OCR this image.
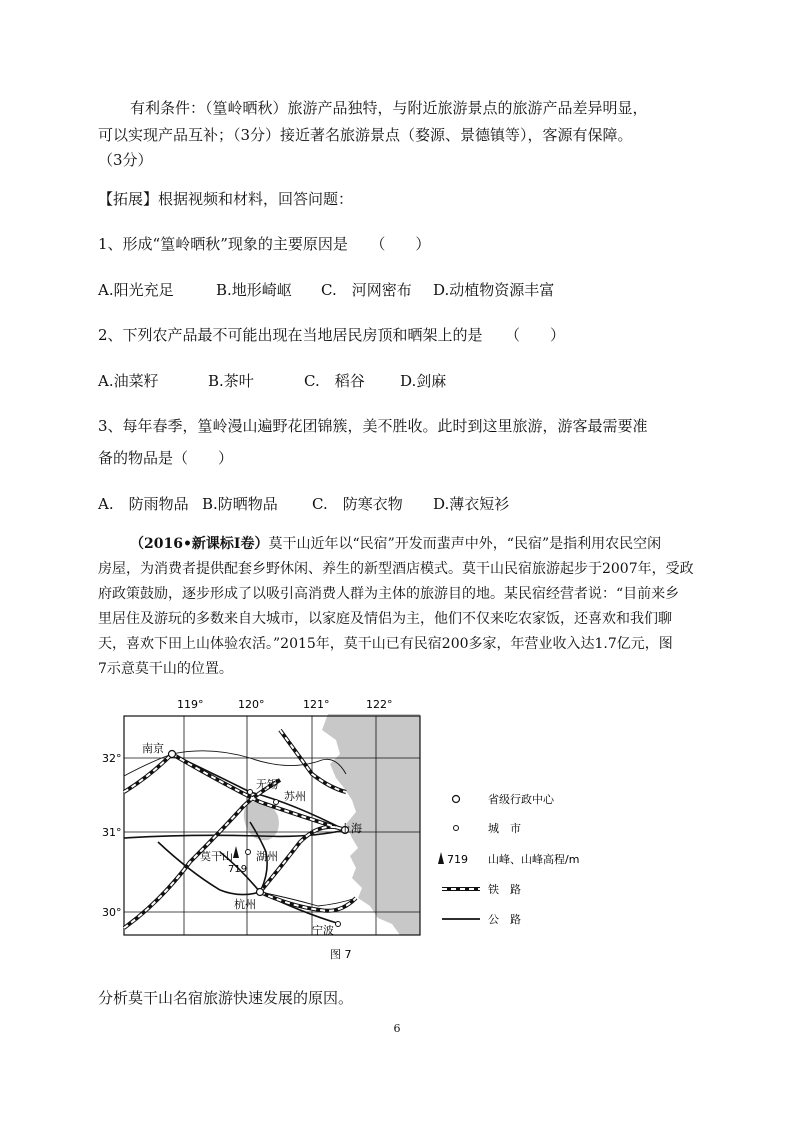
有利条件：（篁岭晒秋）旅游产品独特，与附近旅游景点的旅游产品差异明显，
可以实现产品互补；（3分）接近著名旅游景点（婺源、景德镇等），客源有保障。
（3分）
【拓展】根据视频和材料，回答问题：
1、形成“篁岭晒秋”现象的主要原因是　　（　　）
A.阳光充足	B.地形崎岖 C.　河网密布 D.动植物资源丰富
2、下列农产品最不可能出现在当地居民房顶和晒架上的是　　（　　）
A.油菜籽	B.茶叶	C.　稻谷 D.剑麻
3、每年春季，篁岭漫山遍野花团锦簇，美不胜收。此时到这里旅游，游客最需要准
备的物品是（　　）
A.　防雨物品 B.防晒物品 C.　防寒衣物 D.薄衣短衫
（2016•新课标Ⅰ卷）莫干山近年以“民宿”开发而蜚声中外，“民宿”是指利用农民空闲
房屋，为消费者提供配套乡野休闲、养生的新型酒店模式。莫干山民宿旅游起步于2007年，受政
府政策鼓励，逐步形成了以吸引高消费人群为主体的旅游目的地。某民宿经营者说：“目前来乡
里居住及游玩的多数来自大城市，以家庭及情侣为主，他们不仅来吃农家饭，还喜欢和我们聊
天，喜欢下田上山体验农活。”2015年，莫干山已有民宿200多家，年营业收入达1.7亿元，图
7示意莫干山的位置。
119°	120°	121°	122°
32°
31°
30°
南京
无锡
苏州
上海
莫干山 湖州
719
杭州
宁波
省级行政中心
城　市
719 山峰、山峰高程/m
铁　路
公　路
图 7
分析莫干山名宿旅游快速发展的原因。
6
